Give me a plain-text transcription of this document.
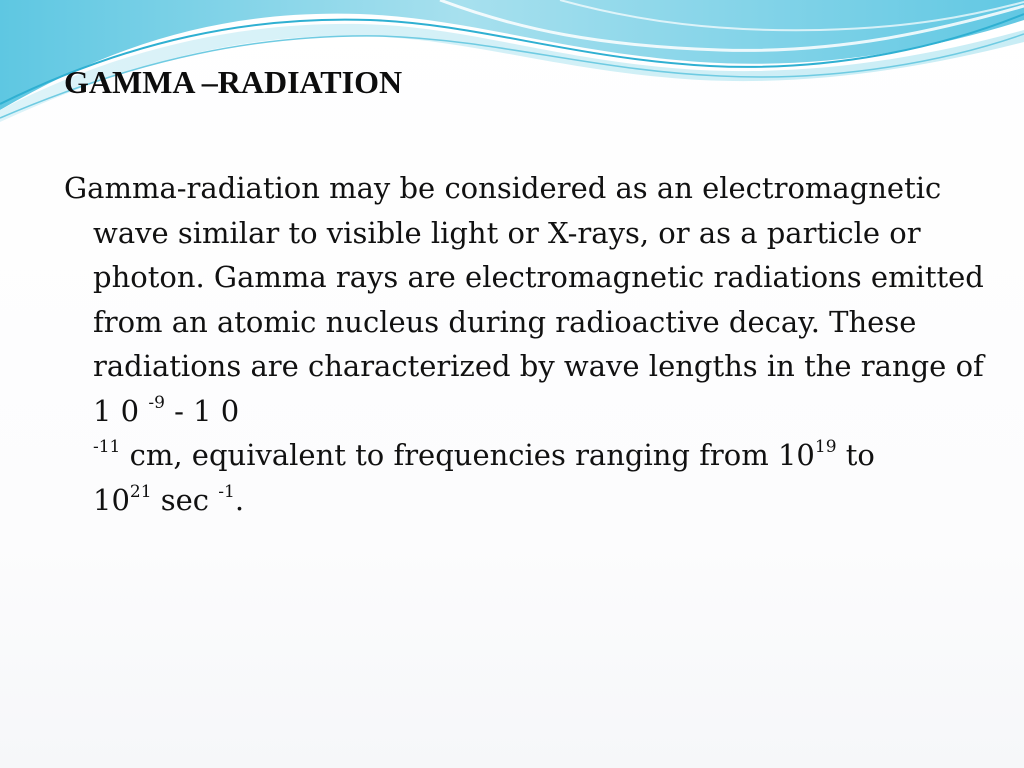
GAMMA –RADIATION

Gamma-radiation may be considered as an electromagnetic wave similar to visible light or X-rays, or as a particle or photon. Gamma rays are electromagnetic radiations emitted from an atomic nucleus during radioactive decay. These radiations are characterized by wave lengths in the range of 1 0 $^{-9}$ - 1 0
$^{-11}$ cm, equivalent to frequencies ranging from $10^{19}$ to
$10^{21}$ sec $^{-1}$.
